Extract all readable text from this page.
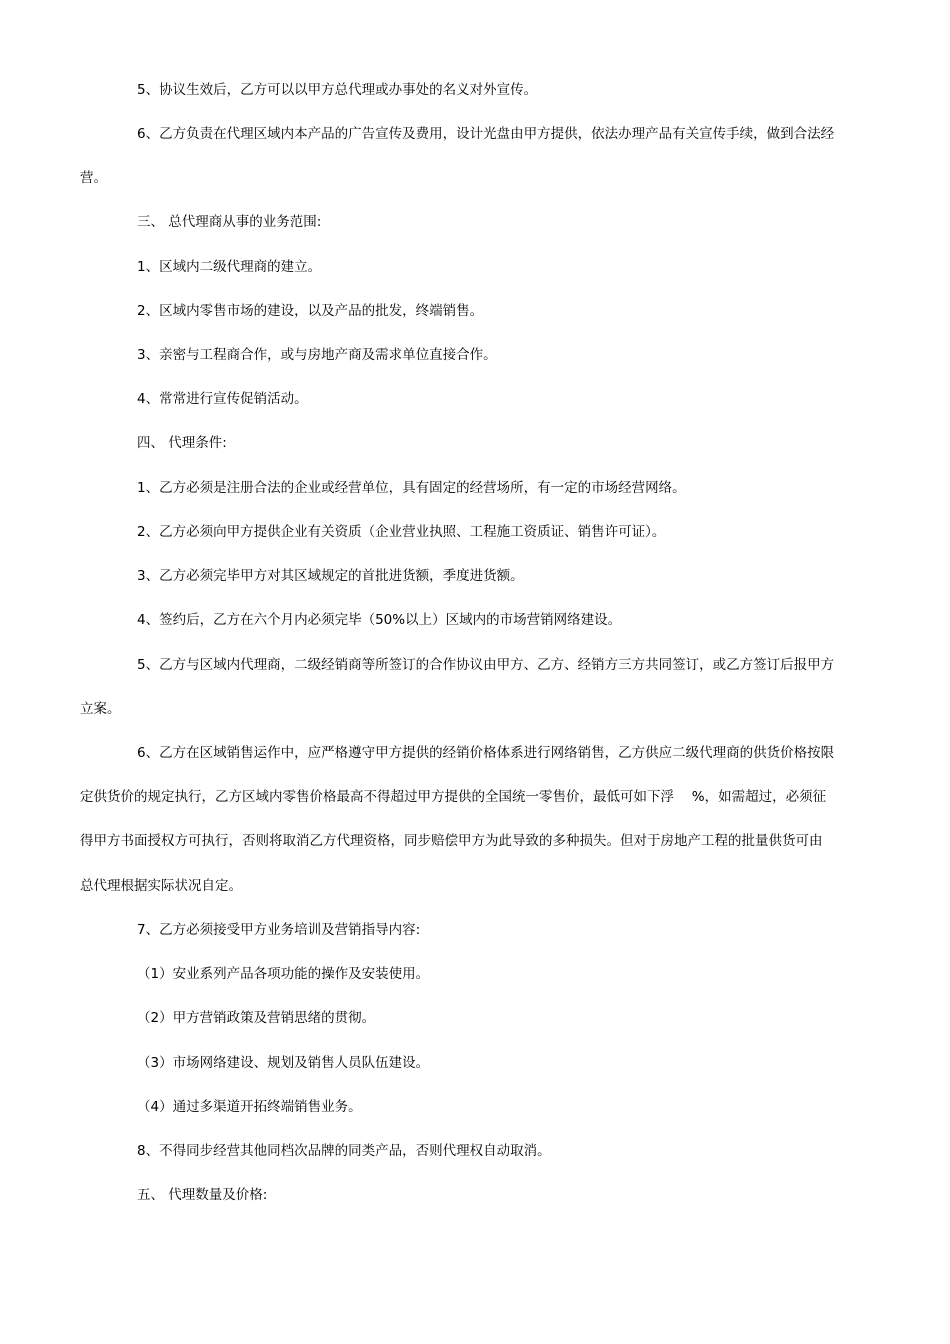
5、协议生效后，乙方可以以甲方总代理或办事处的名义对外宣传。
6、乙方负责在代理区域内本产品的广告宣传及费用，设计光盘由甲方提供，依法办理产品有关宣传手续，做到合法经
营。
三、 总代理商从事的业务范围:
1、区域内二级代理商的建立。
2、区域内零售市场的建设，以及产品的批发，终端销售。
3、亲密与工程商合作，或与房地产商及需求单位直接合作。
4、常常进行宣传促销活动。
四、 代理条件:
1、乙方必须是注册合法的企业或经营单位，具有固定的经营场所，有一定的市场经营网络。
2、乙方必须向甲方提供企业有关资质（企业营业执照、工程施工资质证、销售许可证）。
3、乙方必须完毕甲方对其区域规定的首批进货额，季度进货额。
4、签约后，乙方在六个月内必须完毕（50%以上）区域内的市场营销网络建设。
5、乙方与区域内代理商，二级经销商等所签订的合作协议由甲方、乙方、经销方三方共同签订，或乙方签订后报甲方
立案。
6、乙方在区域销售运作中，应严格遵守甲方提供的经销价格体系进行网络销售，乙方供应二级代理商的供货价格按限
定供货价的规定执行，乙方区域内零售价格最高不得超过甲方提供的全国统一零售价，最低可如下浮　 %，如需超过，必须征
得甲方书面授权方可执行，否则将取消乙方代理资格，同步赔偿甲方为此导致的多种损失。但对于房地产工程的批量供货可由
总代理根据实际状况自定。
7、乙方必须接受甲方业务培训及营销指导内容:
（1）安业系列产品各项功能的操作及安装使用。
（2）甲方营销政策及营销思绪的贯彻。
（3）市场网络建设、规划及销售人员队伍建设。
（4）通过多渠道开拓终端销售业务。
8、不得同步经营其他同档次品牌的同类产品，否则代理权自动取消。
五、 代理数量及价格:
